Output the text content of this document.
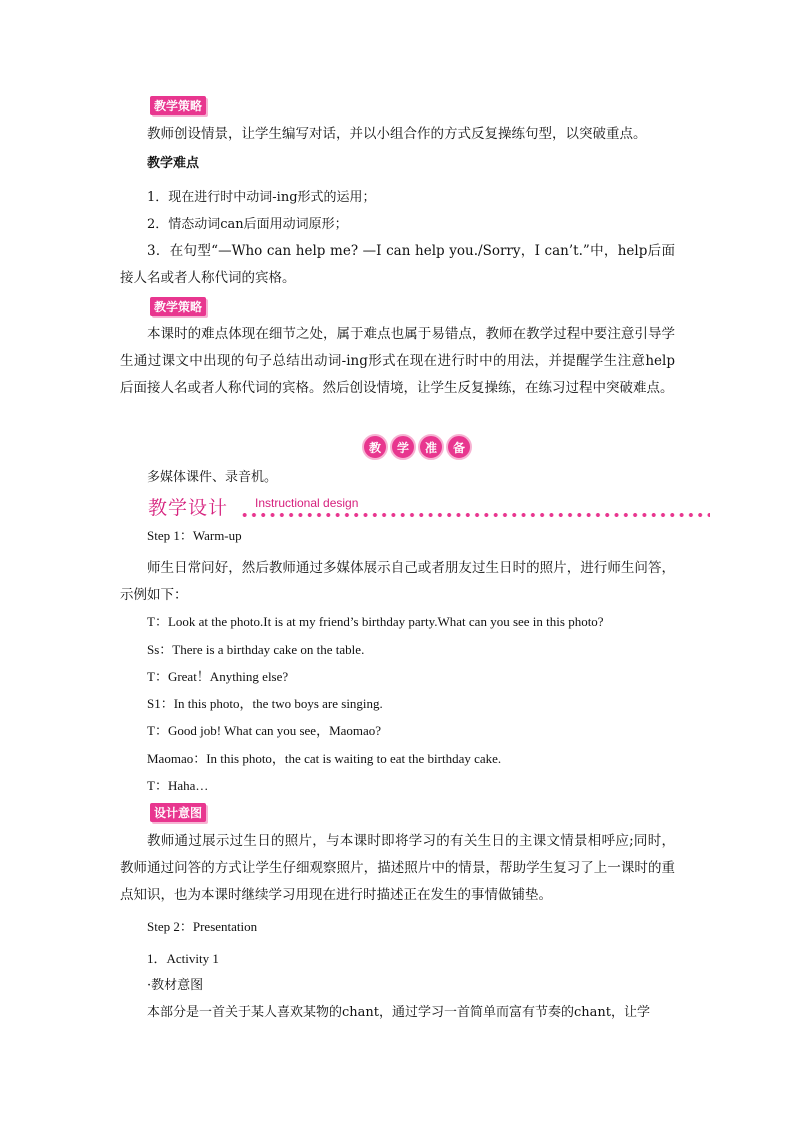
教学策略

教师创设情景，让学生编写对话，并以小组合作的方式反复操练句型，以突破重点。

教学难点
1．现在进行时中动词-ing形式的运用；
2．情态动词can后面用动词原形；

3．在句型“—Who can help me? —I can help you./Sorry，I can’t.”中，help后面接人名或者人称代词的宾格。

教学策略

本课时的难点体现在细节之处，属于难点也属于易错点，教师在教学过程中要注意引导学生通过课文中出现的句子总结出动词-ing形式在现在进行时中的用法，并提醒学生注意help后面接人名或者人称代词的宾格。然后创设情境，让学生反复操练，在练习过程中突破难点。

教	学	准	备
多媒体课件、录音机。
教学设计 Instructional design
Step 1：Warm-up

师生日常问好，然后教师通过多媒体展示自己或者朋友过生日时的照片，进行师生问答，示例如下：

T：Look at the photo.It is at my friend’s birthday party.What can you see in this photo?
Ss：There is a birthday cake on the table.
T：Great！Anything else?
S1：In this photo，the two boys are singing.
T：Good job! What can you see，Maomao?
Maomao：In this photo，the cat is waiting to eat the birthday cake.
T：Haha…
设计意图

教师通过展示过生日的照片，与本课时即将学习的有关生日的主课文情景相呼应;同时，教师通过问答的方式让学生仔细观察照片，描述照片中的情景，帮助学生复习了上一课时的重点知识，也为本课时继续学习用现在进行时描述正在发生的事情做铺垫。

Step 2：Presentation
1．Activity 1
·教材意图
本部分是一首关于某人喜欢某物的chant，通过学习一首简单而富有节奏的chant，让学
